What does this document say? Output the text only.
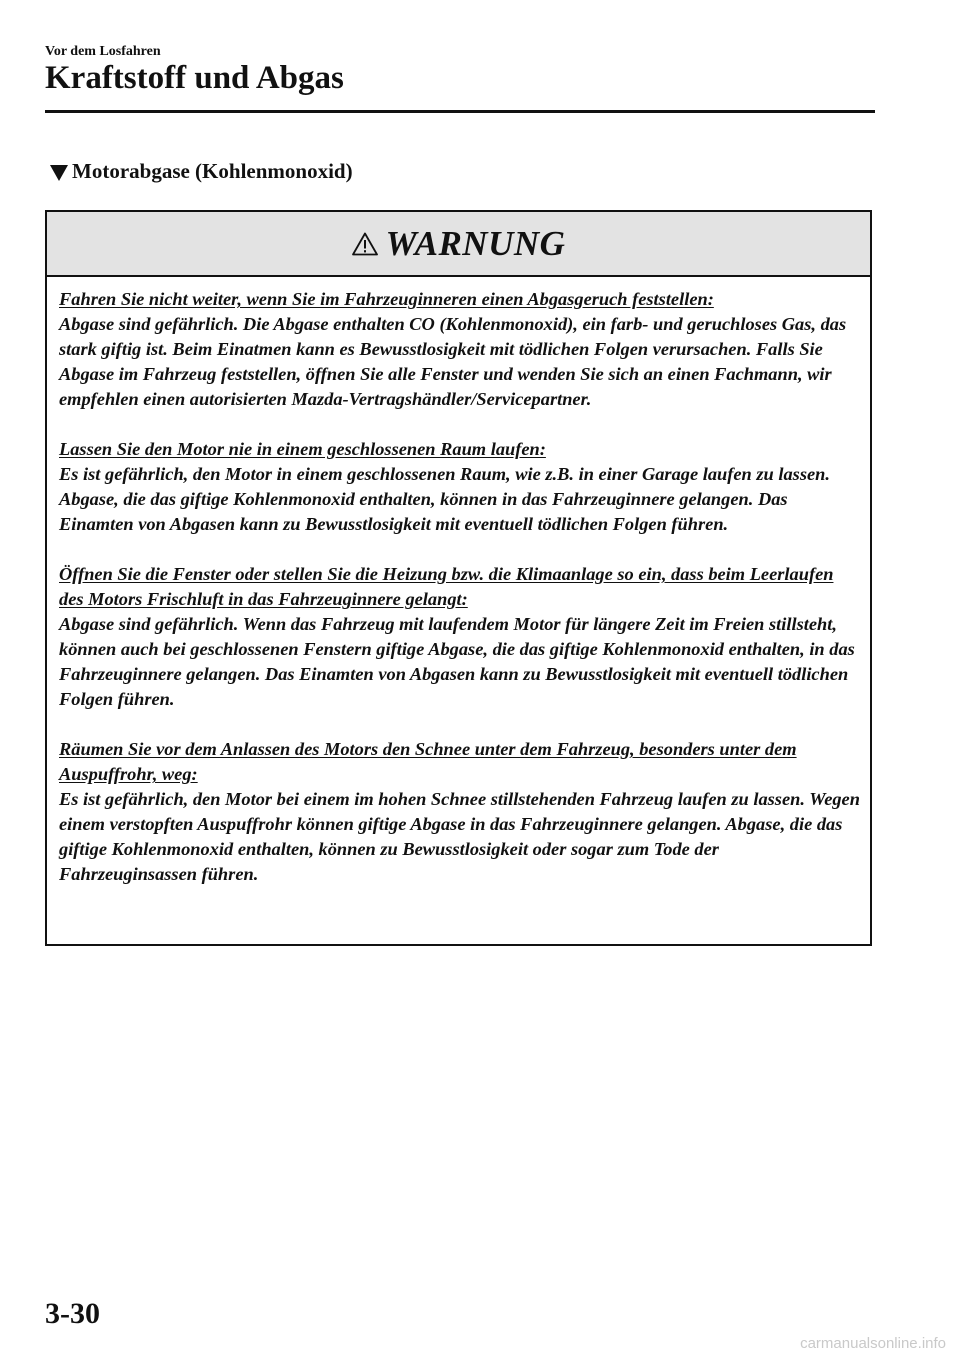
Vor dem Losfahren
Kraftstoff und Abgas
Motorabgase (Kohlenmonoxid)
WARNUNG
Fahren Sie nicht weiter, wenn Sie im Fahrzeuginneren einen Abgasgeruch feststellen:
Abgase sind gefährlich. Die Abgase enthalten CO (Kohlenmonoxid), ein farb- und geruchloses Gas, das stark giftig ist. Beim Einatmen kann es Bewusstlosigkeit mit tödlichen Folgen verursachen. Falls Sie Abgase im Fahrzeug feststellen, öffnen Sie alle Fenster und wenden Sie sich an einen Fachmann, wir empfehlen einen autorisierten Mazda-Vertragshändler/Servicepartner.
Lassen Sie den Motor nie in einem geschlossenen Raum laufen:
Es ist gefährlich, den Motor in einem geschlossenen Raum, wie z.B. in einer Garage laufen zu lassen. Abgase, die das giftige Kohlenmonoxid enthalten, können in das Fahrzeuginnere gelangen. Das Einamten von Abgasen kann zu Bewusstlosigkeit mit eventuell tödlichen Folgen führen.
Öffnen Sie die Fenster oder stellen Sie die Heizung bzw. die Klimaanlage so ein, dass beim Leerlaufen des Motors Frischluft in das Fahrzeuginnere gelangt:
Abgase sind gefährlich. Wenn das Fahrzeug mit laufendem Motor für längere Zeit im Freien stillsteht, können auch bei geschlossenen Fenstern giftige Abgase, die das giftige Kohlenmonoxid enthalten, in das Fahrzeuginnere gelangen. Das Einamten von Abgasen kann zu Bewusstlosigkeit mit eventuell tödlichen Folgen führen.
Räumen Sie vor dem Anlassen des Motors den Schnee unter dem Fahrzeug, besonders unter dem Auspuffrohr, weg:
Es ist gefährlich, den Motor bei einem im hohen Schnee stillstehenden Fahrzeug laufen zu lassen. Wegen einem verstopften Auspuffrohr können giftige Abgase in das Fahrzeuginnere gelangen. Abgase, die das giftige Kohlenmonoxid enthalten, können zu Bewusstlosigkeit oder sogar zum Tode der Fahrzeuginsassen führen.
3-30
carmanualsonline.info
